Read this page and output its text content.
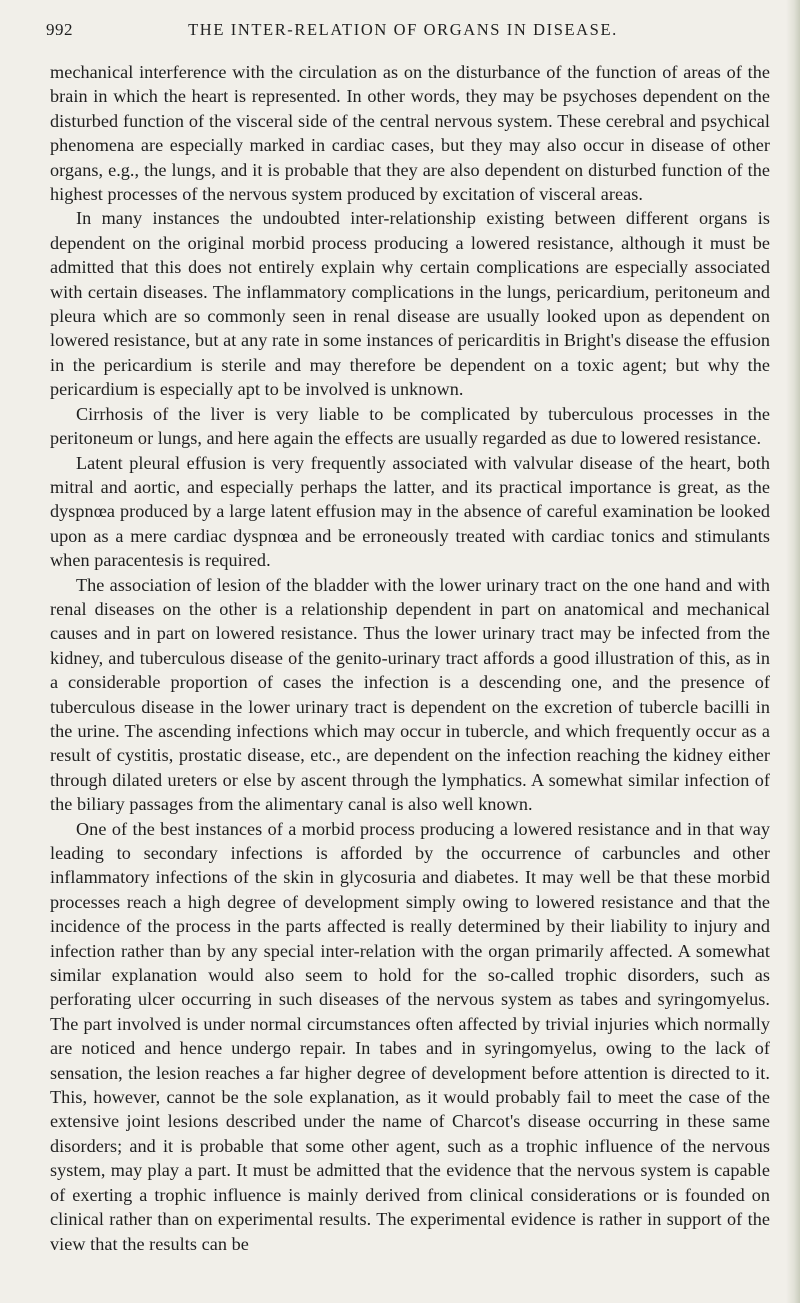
992	THE INTER-RELATION OF ORGANS IN DISEASE.

mechanical interference with the circulation as on the disturbance of the function of areas of the brain in which the heart is represented. In other words, they may be psychoses dependent on the disturbed function of the visceral side of the central nervous system. These cerebral and psychical phenomena are especially marked in cardiac cases, but they may also occur in disease of other organs, e.g., the lungs, and it is probable that they are also dependent on disturbed function of the highest processes of the nervous system produced by excitation of visceral areas.

In many instances the undoubted inter-relationship existing between different organs is dependent on the original morbid process producing a lowered resistance, although it must be admitted that this does not entirely explain why certain complications are especially associated with certain diseases. The inflammatory complications in the lungs, pericardium, peritoneum and pleura which are so commonly seen in renal disease are usually looked upon as dependent on lowered resistance, but at any rate in some instances of pericarditis in Bright's disease the effusion in the pericardium is sterile and may therefore be dependent on a toxic agent; but why the pericardium is especially apt to be involved is unknown.

Cirrhosis of the liver is very liable to be complicated by tuberculous processes in the peritoneum or lungs, and here again the effects are usually regarded as due to lowered resistance.

Latent pleural effusion is very frequently associated with valvular disease of the heart, both mitral and aortic, and especially perhaps the latter, and its practical importance is great, as the dyspnœa produced by a large latent effusion may in the absence of careful examination be looked upon as a mere cardiac dyspnœa and be erroneously treated with cardiac tonics and stimulants when paracentesis is required.

The association of lesion of the bladder with the lower urinary tract on the one hand and with renal diseases on the other is a relationship dependent in part on anatomical and mechanical causes and in part on lowered resistance. Thus the lower urinary tract may be infected from the kidney, and tuberculous disease of the genito-urinary tract affords a good illustration of this, as in a considerable proportion of cases the infection is a descending one, and the presence of tuberculous disease in the lower urinary tract is dependent on the excretion of tubercle bacilli in the urine. The ascending infections which may occur in tubercle, and which frequently occur as a result of cystitis, prostatic disease, etc., are dependent on the infection reaching the kidney either through dilated ureters or else by ascent through the lymphatics. A somewhat similar infection of the biliary passages from the alimentary canal is also well known.

One of the best instances of a morbid process producing a lowered resistance and in that way leading to secondary infections is afforded by the occurrence of carbuncles and other inflammatory infections of the skin in glycosuria and diabetes. It may well be that these morbid processes reach a high degree of development simply owing to lowered resistance and that the incidence of the process in the parts affected is really determined by their liability to injury and infection rather than by any special inter-relation with the organ primarily affected. A somewhat similar explanation would also seem to hold for the so-called trophic disorders, such as perforating ulcer occurring in such diseases of the nervous system as tabes and syringomyelus. The part involved is under normal circumstances often affected by trivial injuries which normally are noticed and hence undergo repair. In tabes and in syringomyelus, owing to the lack of sensation, the lesion reaches a far higher degree of development before attention is directed to it. This, however, cannot be the sole explanation, as it would probably fail to meet the case of the extensive joint lesions described under the name of Charcot's disease occurring in these same disorders; and it is probable that some other agent, such as a trophic influence of the nervous system, may play a part. It must be admitted that the evidence that the nervous system is capable of exerting a trophic influence is mainly derived from clinical considerations or is founded on clinical rather than on experimental results. The experimental evidence is rather in support of the view that the results can be
